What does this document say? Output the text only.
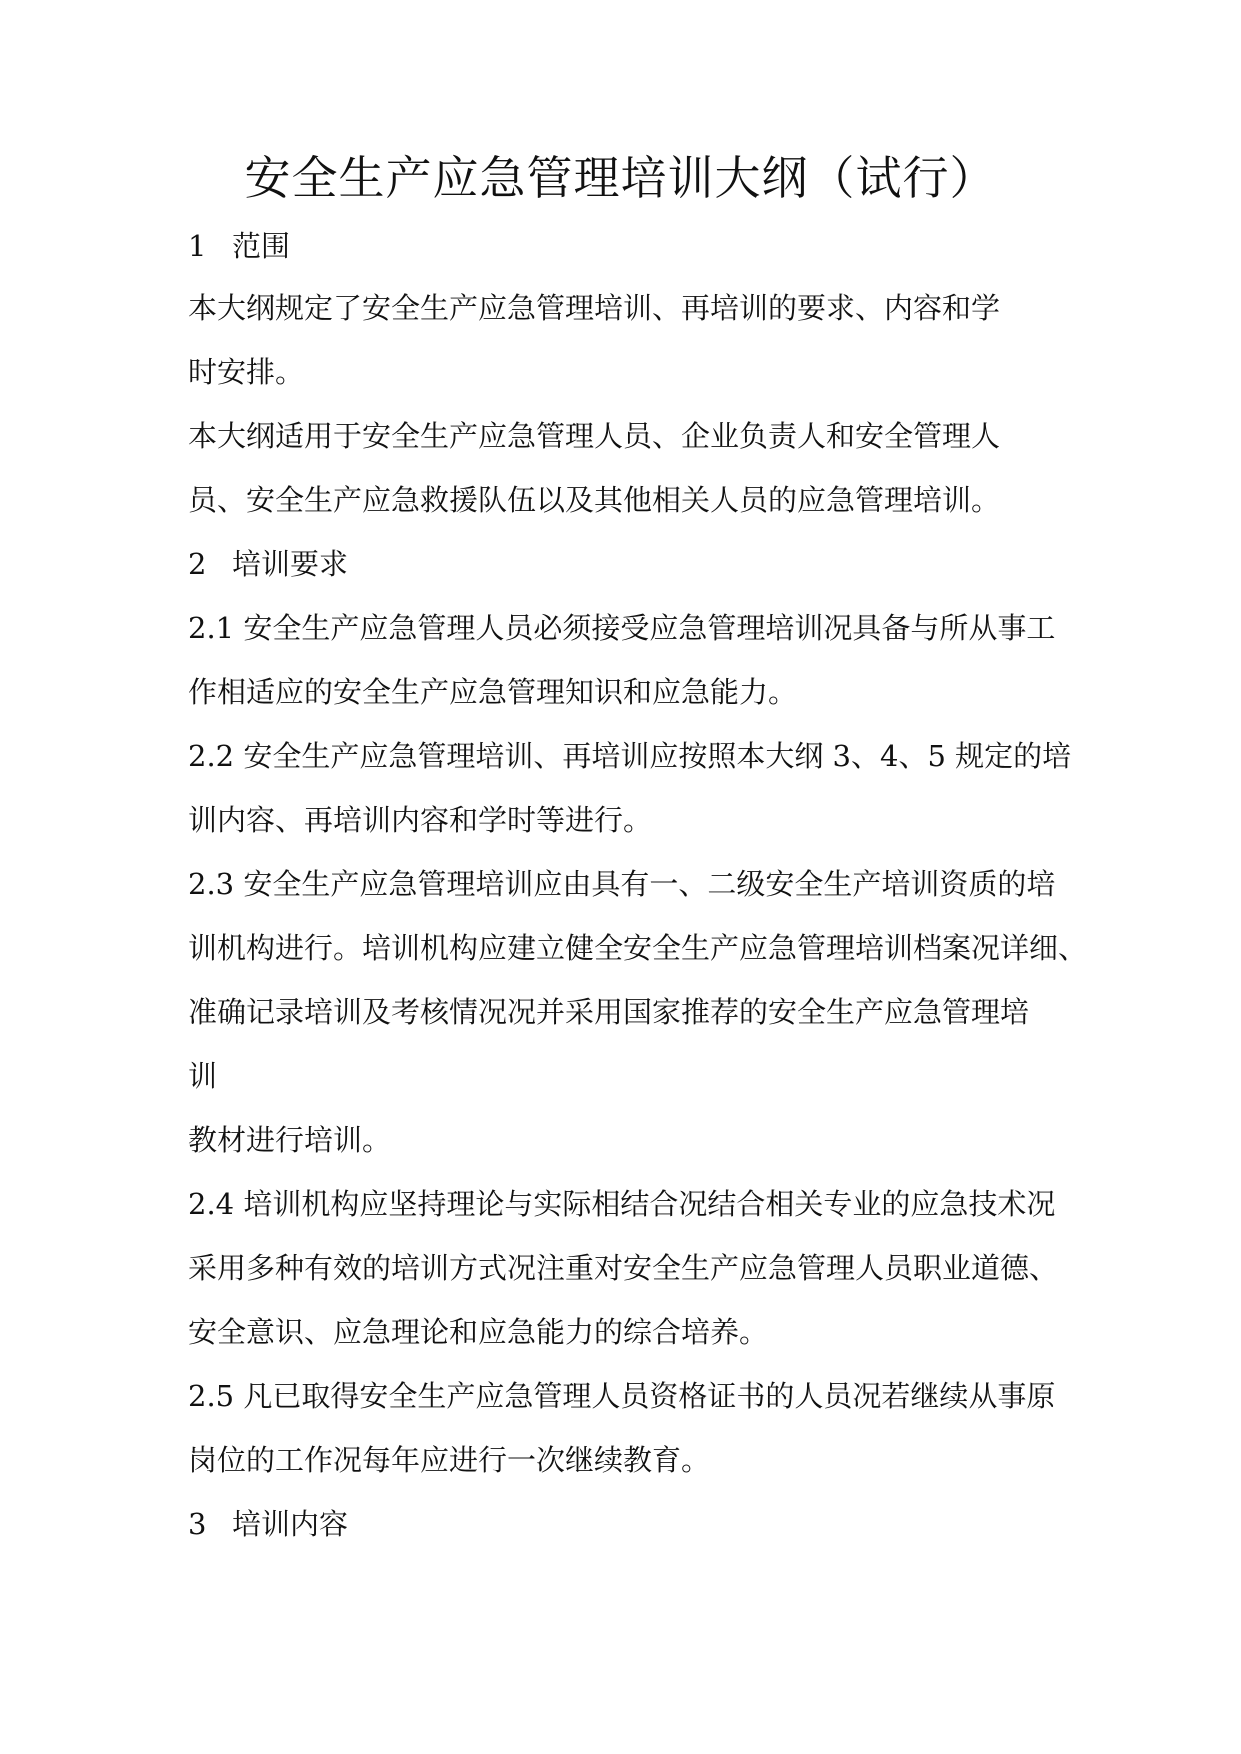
安全生产应急管理培训大纲（试行）
1 范围
本大纲规定了安全生产应急管理培训、再培训的要求、内容和学
时安排。
本大纲适用于安全生产应急管理人员、企业负责人和安全管理人
员、安全生产应急救援队伍以及其他相关人员的应急管理培训。
2 培训要求
2.1 安全生产应急管理人员必须接受应急管理培训况具备与所从事工
作相适应的安全生产应急管理知识和应急能力。
2.2 安全生产应急管理培训、再培训应按照本大纲 3、4、5 规定的培
训内容、再培训内容和学时等进行。
2.3 安全生产应急管理培训应由具有一、二级安全生产培训资质的培
训机构进行。培训机构应建立健全安全生产应急管理培训档案况详细、
准确记录培训及考核情况况并采用国家推荐的安全生产应急管理培
训
教材进行培训。
2.4 培训机构应坚持理论与实际相结合况结合相关专业的应急技术况
采用多种有效的培训方式况注重对安全生产应急管理人员职业道德、
安全意识、应急理论和应急能力的综合培养。
2.5 凡已取得安全生产应急管理人员资格证书的人员况若继续从事原
岗位的工作况每年应进行一次继续教育。
3 培训内容
